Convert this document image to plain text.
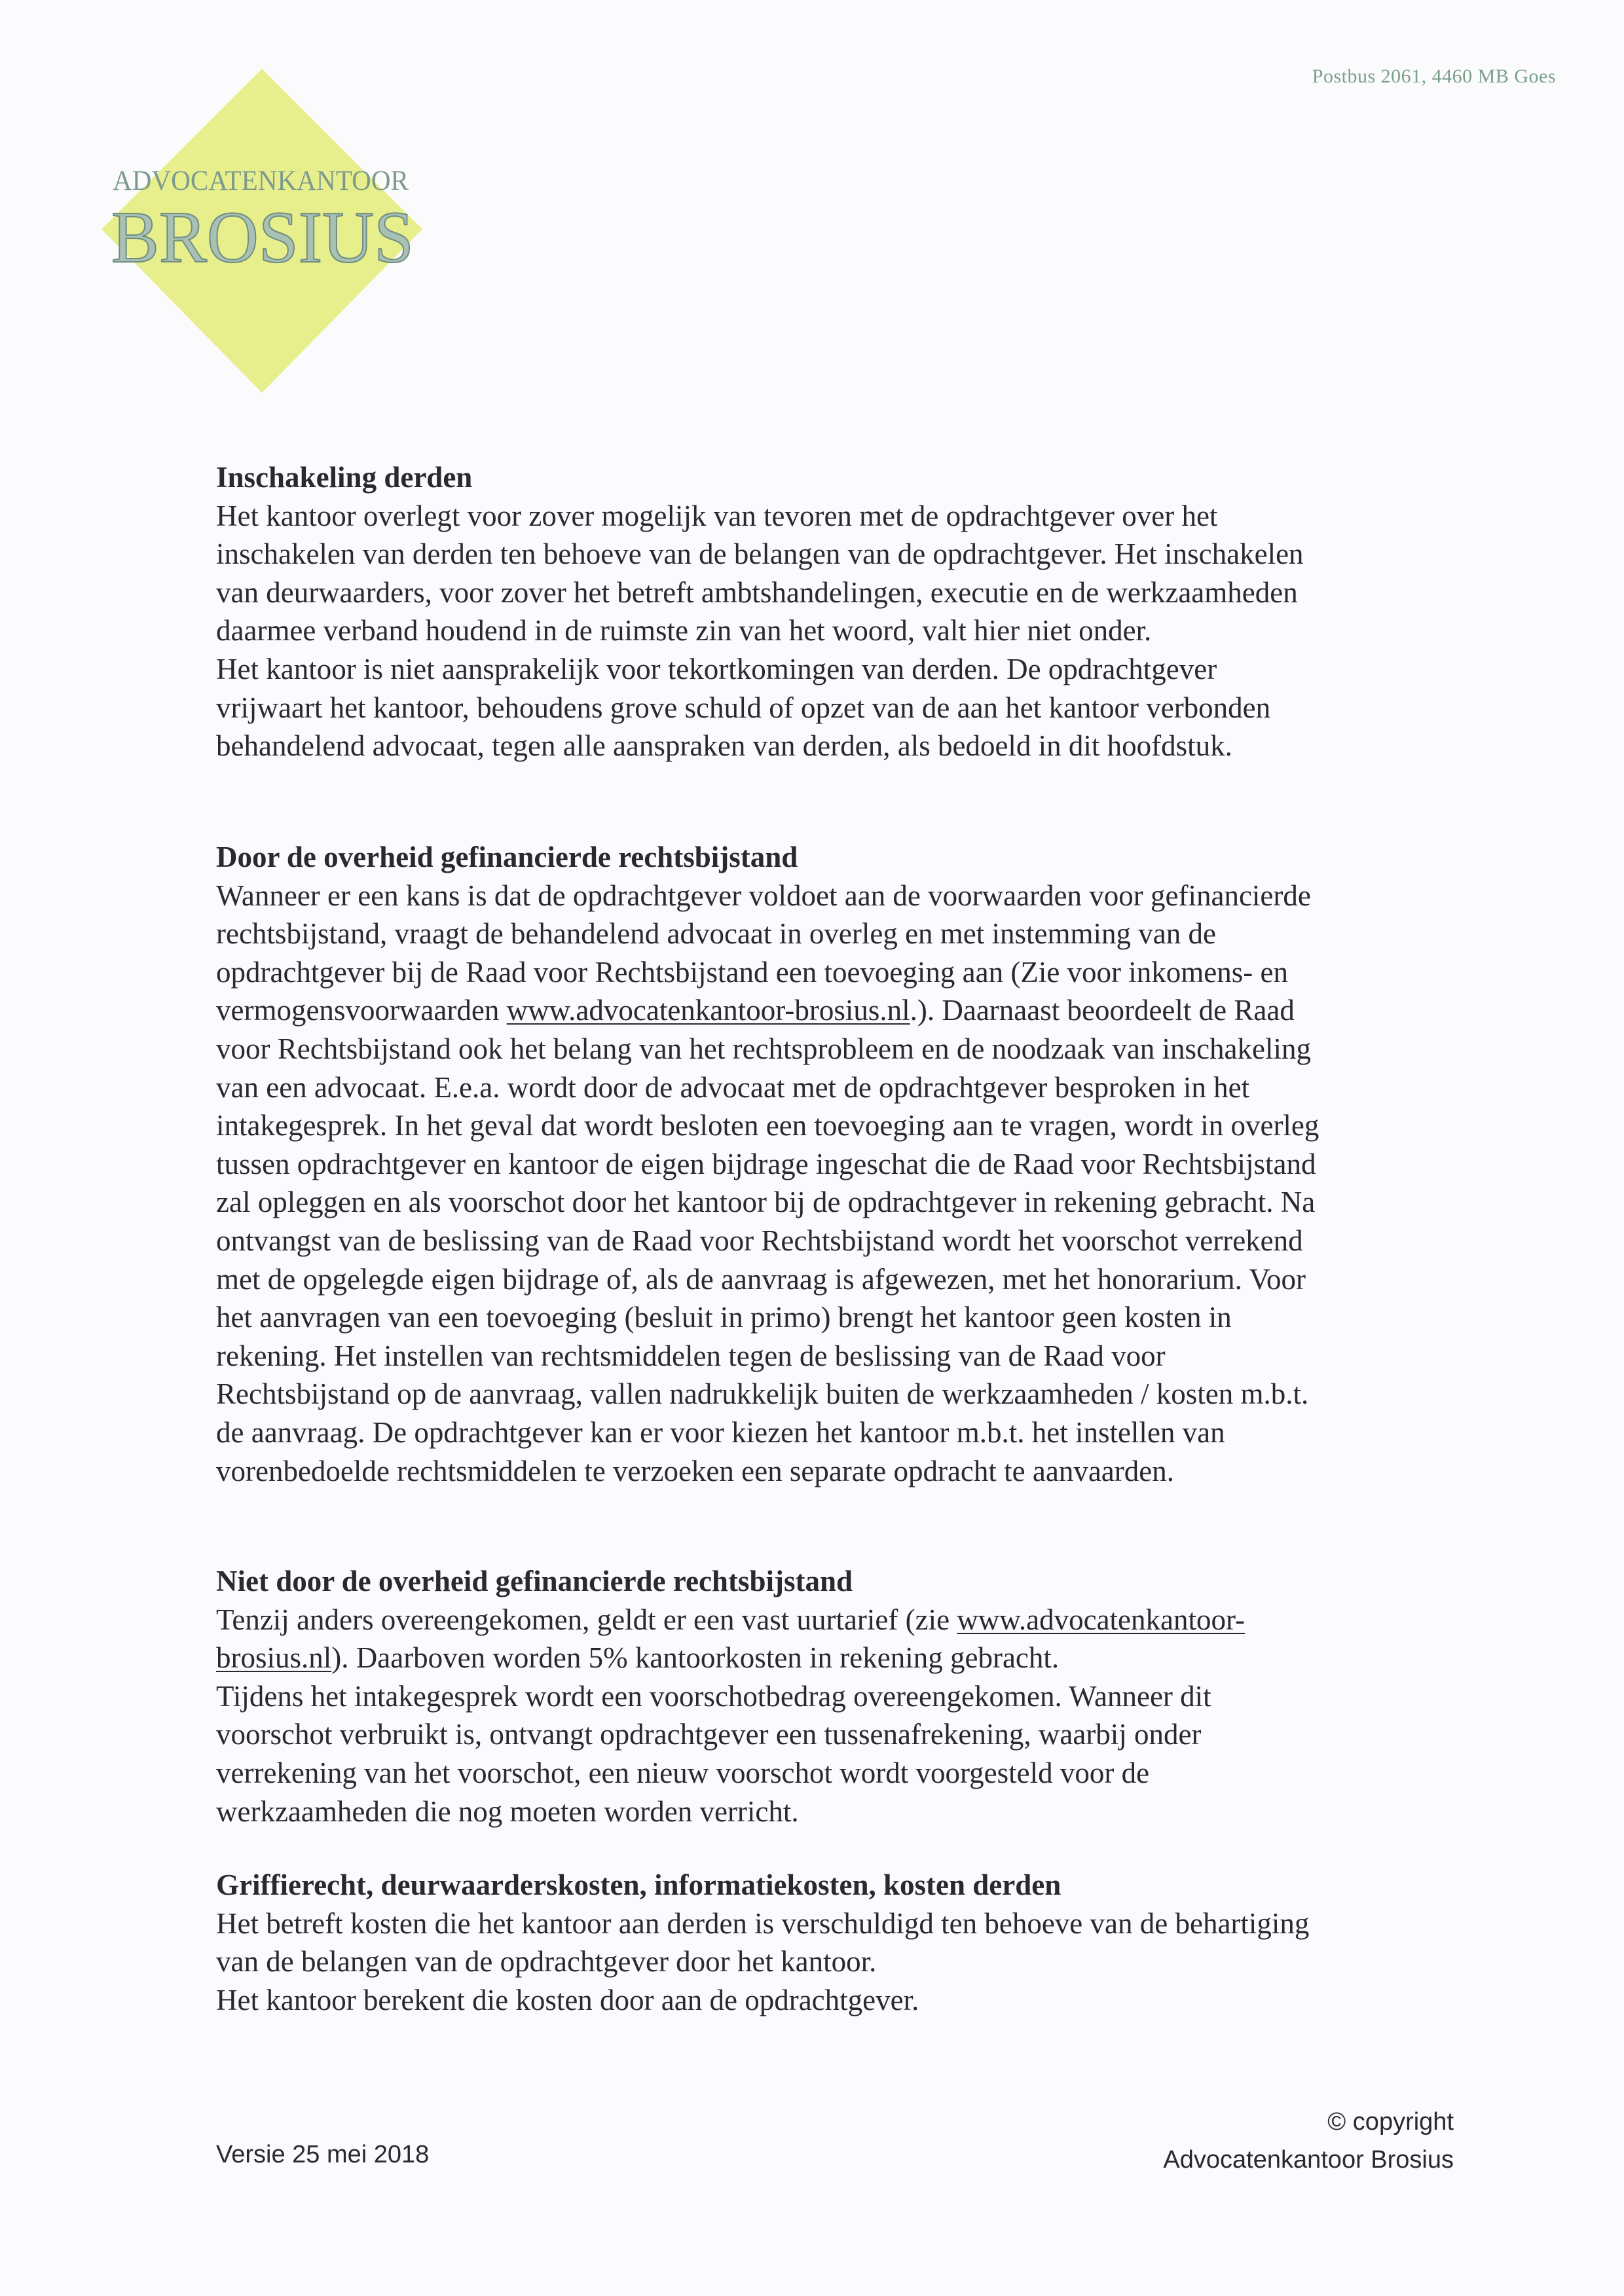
Postbus 2061, 4460 MB Goes
ADVOCATENKANTOOR
BROSIUS
Inschakeling derden

Het kantoor overlegt voor zover mogelijk van tevoren met de opdrachtgever over het

inschakelen van derden ten behoeve van de belangen van de opdrachtgever. Het inschakelen

van deurwaarders, voor zover het betreft ambtshandelingen, executie en de werkzaamheden

daarmee verband houdend in de ruimste zin van het woord, valt hier niet onder.

Het kantoor is niet aansprakelijk voor tekortkomingen van derden. De opdrachtgever

vrijwaart het kantoor, behoudens grove schuld of opzet van de aan het kantoor verbonden

behandelend advocaat, tegen alle aanspraken van derden, als bedoeld in dit hoofdstuk.

Door de overheid gefinancierde rechtsbijstand

Wanneer er een kans is dat de opdrachtgever voldoet aan de voorwaarden voor gefinancierde

rechtsbijstand, vraagt de behandelend advocaat in overleg en met instemming van de

opdrachtgever bij de Raad voor Rechtsbijstand een toevoeging aan (Zie voor inkomens- en

vermogensvoorwaarden www.advocatenkantoor-brosius.nl.). Daarnaast beoordeelt de Raad

voor Rechtsbijstand ook het belang van het rechtsprobleem en de noodzaak van inschakeling

van een advocaat. E.e.a. wordt door de advocaat met de opdrachtgever besproken in het

intakegesprek. In het geval dat wordt besloten een toevoeging aan te vragen, wordt in overleg

tussen opdrachtgever en kantoor de eigen bijdrage ingeschat die de Raad voor Rechtsbijstand

zal opleggen en als voorschot door het kantoor bij de opdrachtgever in rekening gebracht. Na

ontvangst van de beslissing van de Raad voor Rechtsbijstand wordt het voorschot verrekend

met de opgelegde eigen bijdrage of, als de aanvraag is afgewezen, met het honorarium. Voor

het aanvragen van een toevoeging (besluit in primo) brengt het kantoor geen kosten in

rekening. Het instellen van rechtsmiddelen tegen de beslissing van de Raad voor

Rechtsbijstand op de aanvraag, vallen nadrukkelijk buiten de werkzaamheden / kosten m.b.t.

de aanvraag. De opdrachtgever kan er voor kiezen het kantoor m.b.t. het instellen van

vorenbedoelde rechtsmiddelen te verzoeken een separate opdracht te aanvaarden.

Niet door de overheid gefinancierde rechtsbijstand

Tenzij anders overeengekomen, geldt er een vast uurtarief (zie www.advocatenkantoor-

brosius.nl). Daarboven worden 5% kantoorkosten in rekening gebracht.

Tijdens het intakegesprek wordt een voorschotbedrag overeengekomen. Wanneer dit

voorschot verbruikt is, ontvangt opdrachtgever een tussenafrekening, waarbij onder

verrekening van het voorschot, een nieuw voorschot wordt voorgesteld voor de

werkzaamheden die nog moeten worden verricht.

Griffierecht, deurwaarderskosten, informatiekosten, kosten derden

Het betreft kosten die het kantoor aan derden is verschuldigd ten behoeve van de behartiging

van de belangen van de opdrachtgever door het kantoor.

Het kantoor berekent die kosten door aan de opdrachtgever.

Versie 25 mei 2018
© copyright
Advocatenkantoor Brosius
